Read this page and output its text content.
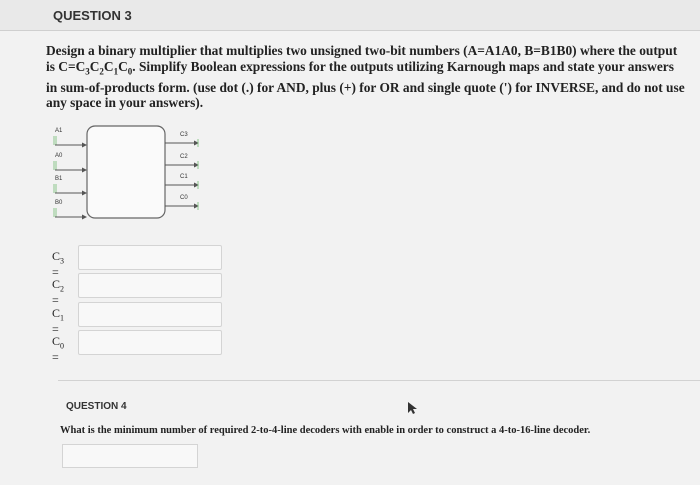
QUESTION 3
Design a binary multiplier that multiplies two unsigned two-bit numbers (A=A1A0, B=B1B0) where the output is $C=C_3C_2C_1C_0$. Simplify Boolean expressions for the outputs utilizing Karnough maps and state your answers in sum-of-products form. (use dot (.) for AND, plus (+) for OR and single quote (') for INVERSE, and do not use any space in your answers).
A1
A0
B1
B0
C3
C2
C1
C0
$C_3$ =
$C_2$ =
$C_1$ =
$C_0$ =
QUESTION 4
What is the minimum number of required 2-to-4-line decoders with enable in order to construct a 4-to-16-line decoder.
